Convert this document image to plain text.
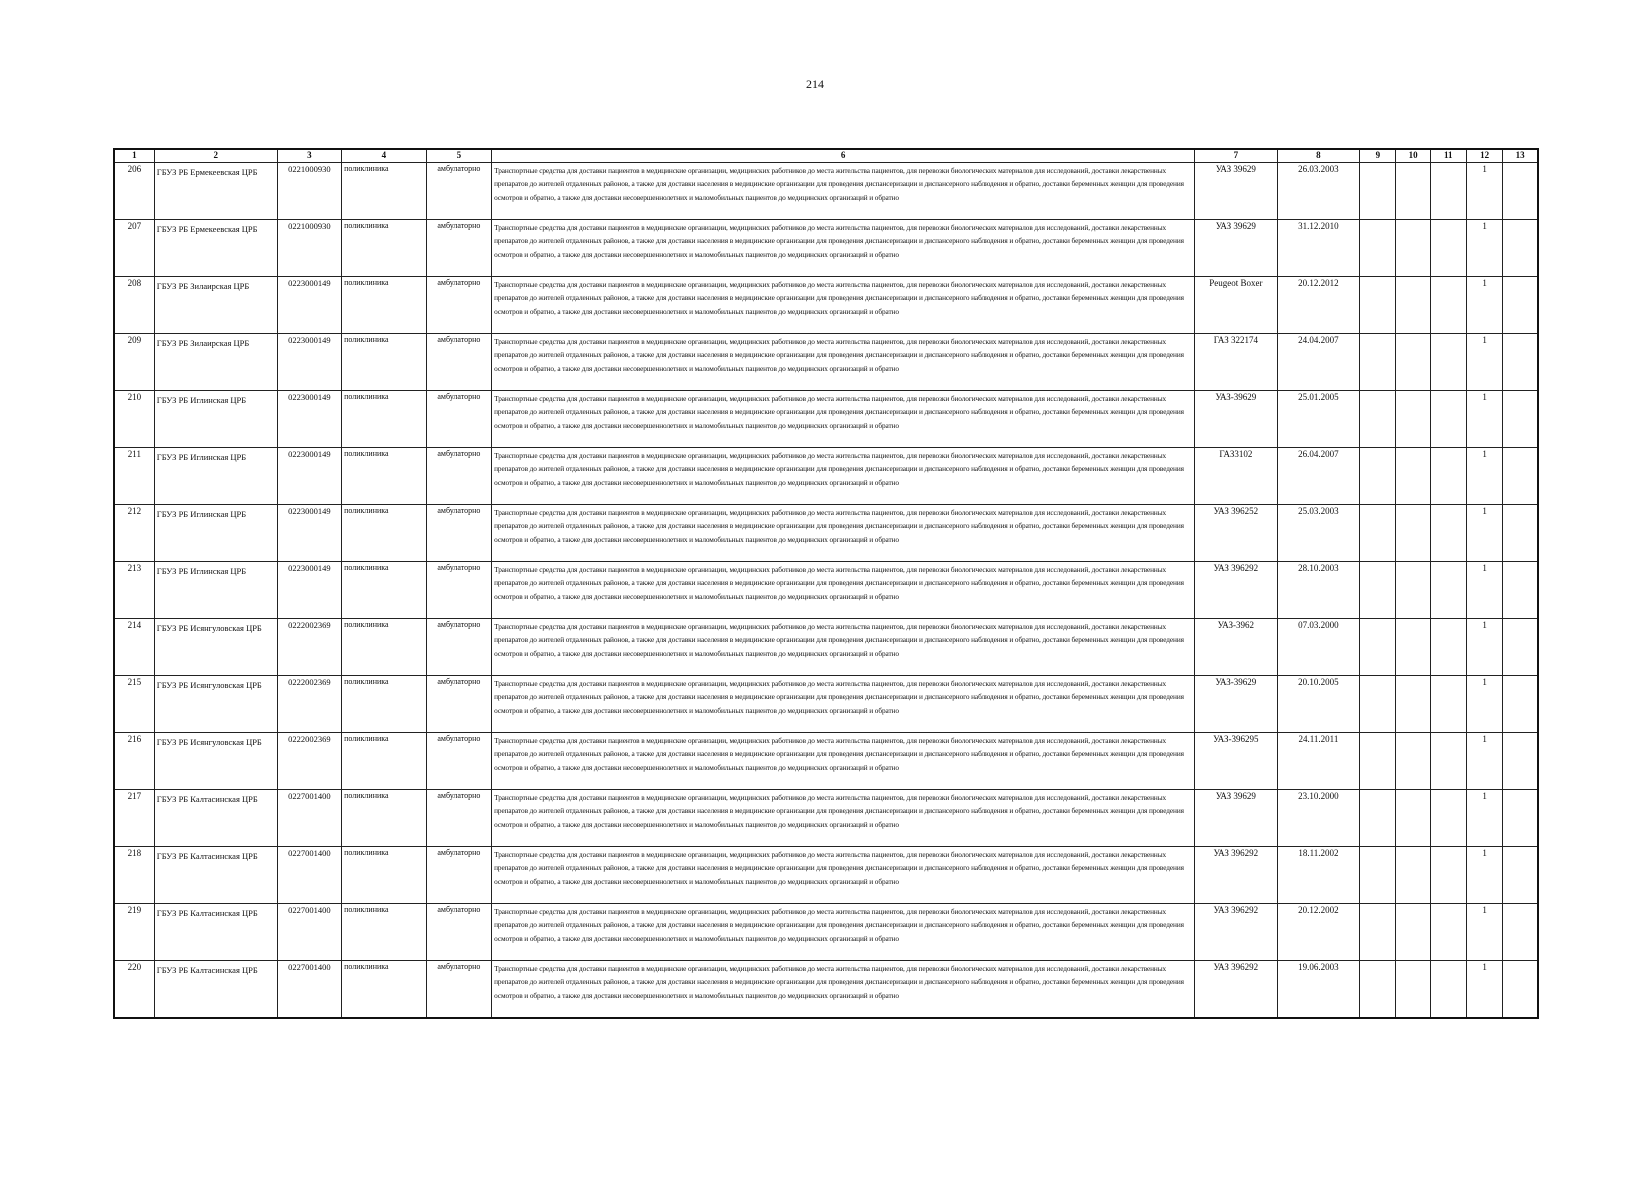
214
1	2	3	4	5	6	7	8	9	10	11	12	13
206	ГБУЗ РБ Ермекеевская ЦРБ	0221000930	поликлиника	амбулаторно	Транспортные средства для доставки пациентов в медицинские организации, медицинских работников до места жительства пациентов, для перевозки биологических материалов для исследований, доставки лекарственных препаратов до жителей отдаленных районов, а также для доставки населения в медицинские организации для проведения диспансеризации и диспансерного наблюдения и обратно, доставки беременных женщин для проведения осмотров и обратно, а также для доставки несовершеннолетних и маломобильных пациентов до медицинских организаций и обратно	УАЗ 39629	26.03.2003				1	
207	ГБУЗ РБ Ермекеевская ЦРБ	0221000930	поликлиника	амбулаторно	Транспортные средства для доставки пациентов в медицинские организации, медицинских работников до места жительства пациентов, для перевозки биологических материалов для исследований, доставки лекарственных препаратов до жителей отдаленных районов, а также для доставки населения в медицинские организации для проведения диспансеризации и диспансерного наблюдения и обратно, доставки беременных женщин для проведения осмотров и обратно, а также для доставки несовершеннолетних и маломобильных пациентов до медицинских организаций и обратно	УАЗ 39629	31.12.2010				1	
208	ГБУЗ РБ Зилаирская ЦРБ	0223000149	поликлиника	амбулаторно	Транспортные средства для доставки пациентов в медицинские организации, медицинских работников до места жительства пациентов, для перевозки биологических материалов для исследований, доставки лекарственных препаратов до жителей отдаленных районов, а также для доставки населения в медицинские организации для проведения диспансеризации и диспансерного наблюдения и обратно, доставки беременных женщин для проведения осмотров и обратно, а также для доставки несовершеннолетних и маломобильных пациентов до медицинских организаций и обратно	Peugeot Boxer	20.12.2012				1	
209	ГБУЗ РБ Зилаирская ЦРБ	0223000149	поликлиника	амбулаторно	Транспортные средства для доставки пациентов в медицинские организации, медицинских работников до места жительства пациентов, для перевозки биологических материалов для исследований, доставки лекарственных препаратов до жителей отдаленных районов, а также для доставки населения в медицинские организации для проведения диспансеризации и диспансерного наблюдения и обратно, доставки беременных женщин для проведения осмотров и обратно, а также для доставки несовершеннолетних и маломобильных пациентов до медицинских организаций и обратно	ГАЗ 322174	24.04.2007				1	
210	ГБУЗ РБ Иглинская ЦРБ	0223000149	поликлиника	амбулаторно	Транспортные средства для доставки пациентов в медицинские организации, медицинских работников до места жительства пациентов, для перевозки биологических материалов для исследований, доставки лекарственных препаратов до жителей отдаленных районов, а также для доставки населения в медицинские организации для проведения диспансеризации и диспансерного наблюдения и обратно, доставки беременных женщин для проведения осмотров и обратно, а также для доставки несовершеннолетних и маломобильных пациентов до медицинских организаций и обратно	УАЗ-39629	25.01.2005				1	
211	ГБУЗ РБ Иглинская ЦРБ	0223000149	поликлиника	амбулаторно	Транспортные средства для доставки пациентов в медицинские организации, медицинских работников до места жительства пациентов, для перевозки биологических материалов для исследований, доставки лекарственных препаратов до жителей отдаленных районов, а также для доставки населения в медицинские организации для проведения диспансеризации и диспансерного наблюдения и обратно, доставки беременных женщин для проведения осмотров и обратно, а также для доставки несовершеннолетних и маломобильных пациентов до медицинских организаций и обратно	ГАЗ3102	26.04.2007				1	
212	ГБУЗ РБ Иглинская ЦРБ	0223000149	поликлиника	амбулаторно	Транспортные средства для доставки пациентов в медицинские организации, медицинских работников до места жительства пациентов, для перевозки биологических материалов для исследований, доставки лекарственных препаратов до жителей отдаленных районов, а также для доставки населения в медицинские организации для проведения диспансеризации и диспансерного наблюдения и обратно, доставки беременных женщин для проведения осмотров и обратно, а также для доставки несовершеннолетних и маломобильных пациентов до медицинских организаций и обратно	УАЗ 396252	25.03.2003				1	
213	ГБУЗ РБ Иглинская ЦРБ	0223000149	поликлиника	амбулаторно	Транспортные средства для доставки пациентов в медицинские организации, медицинских работников до места жительства пациентов, для перевозки биологических материалов для исследований, доставки лекарственных препаратов до жителей отдаленных районов, а также для доставки населения в медицинские организации для проведения диспансеризации и диспансерного наблюдения и обратно, доставки беременных женщин для проведения осмотров и обратно, а также для доставки несовершеннолетних и маломобильных пациентов до медицинских организаций и обратно	УАЗ 396292	28.10.2003				1	
214	ГБУЗ РБ Исянгуловская ЦРБ	0222002369	поликлиника	амбулаторно	Транспортные средства для доставки пациентов в медицинские организации, медицинских работников до места жительства пациентов, для перевозки биологических материалов для исследований, доставки лекарственных препаратов до жителей отдаленных районов, а также для доставки населения в медицинские организации для проведения диспансеризации и диспансерного наблюдения и обратно, доставки беременных женщин для проведения осмотров и обратно, а также для доставки несовершеннолетних и маломобильных пациентов до медицинских организаций и обратно	УАЗ-3962	07.03.2000				1	
215	ГБУЗ РБ Исянгуловская ЦРБ	0222002369	поликлиника	амбулаторно	Транспортные средства для доставки пациентов в медицинские организации, медицинских работников до места жительства пациентов, для перевозки биологических материалов для исследований, доставки лекарственных препаратов до жителей отдаленных районов, а также для доставки населения в медицинские организации для проведения диспансеризации и диспансерного наблюдения и обратно, доставки беременных женщин для проведения осмотров и обратно, а также для доставки несовершеннолетних и маломобильных пациентов до медицинских организаций и обратно	УАЗ-39629	20.10.2005				1	
216	ГБУЗ РБ Исянгуловская ЦРБ	0222002369	поликлиника	амбулаторно	Транспортные средства для доставки пациентов в медицинские организации, медицинских работников до места жительства пациентов, для перевозки биологических материалов для исследований, доставки лекарственных препаратов до жителей отдаленных районов, а также для доставки населения в медицинские организации для проведения диспансеризации и диспансерного наблюдения и обратно, доставки беременных женщин для проведения осмотров и обратно, а также для доставки несовершеннолетних и маломобильных пациентов до медицинских организаций и обратно	УАЗ-396295	24.11.2011				1	
217	ГБУЗ РБ Калтасинская ЦРБ	0227001400	поликлиника	амбулаторно	Транспортные средства для доставки пациентов в медицинские организации, медицинских работников до места жительства пациентов, для перевозки биологических материалов для исследований, доставки лекарственных препаратов до жителей отдаленных районов, а также для доставки населения в медицинские организации для проведения диспансеризации и диспансерного наблюдения и обратно, доставки беременных женщин для проведения осмотров и обратно, а также для доставки несовершеннолетних и маломобильных пациентов до медицинских организаций и обратно	УАЗ 39629	23.10.2000				1	
218	ГБУЗ РБ Калтасинская ЦРБ	0227001400	поликлиника	амбулаторно	Транспортные средства для доставки пациентов в медицинские организации, медицинских работников до места жительства пациентов, для перевозки биологических материалов для исследований, доставки лекарственных препаратов до жителей отдаленных районов, а также для доставки населения в медицинские организации для проведения диспансеризации и диспансерного наблюдения и обратно, доставки беременных женщин для проведения осмотров и обратно, а также для доставки несовершеннолетних и маломобильных пациентов до медицинских организаций и обратно	УАЗ 396292	18.11.2002				1	
219	ГБУЗ РБ Калтасинская ЦРБ	0227001400	поликлиника	амбулаторно	Транспортные средства для доставки пациентов в медицинские организации, медицинских работников до места жительства пациентов, для перевозки биологических материалов для исследований, доставки лекарственных препаратов до жителей отдаленных районов, а также для доставки населения в медицинские организации для проведения диспансеризации и диспансерного наблюдения и обратно, доставки беременных женщин для проведения осмотров и обратно, а также для доставки несовершеннолетних и маломобильных пациентов до медицинских организаций и обратно	УАЗ 396292	20.12.2002				1	
220	ГБУЗ РБ Калтасинская ЦРБ	0227001400	поликлиника	амбулаторно	Транспортные средства для доставки пациентов в медицинские организации, медицинских работников до места жительства пациентов, для перевозки биологических материалов для исследований, доставки лекарственных препаратов до жителей отдаленных районов, а также для доставки населения в медицинские организации для проведения диспансеризации и диспансерного наблюдения и обратно, доставки беременных женщин для проведения осмотров и обратно, а также для доставки несовершеннолетних и маломобильных пациентов до медицинских организаций и обратно	УАЗ 396292	19.06.2003				1	
